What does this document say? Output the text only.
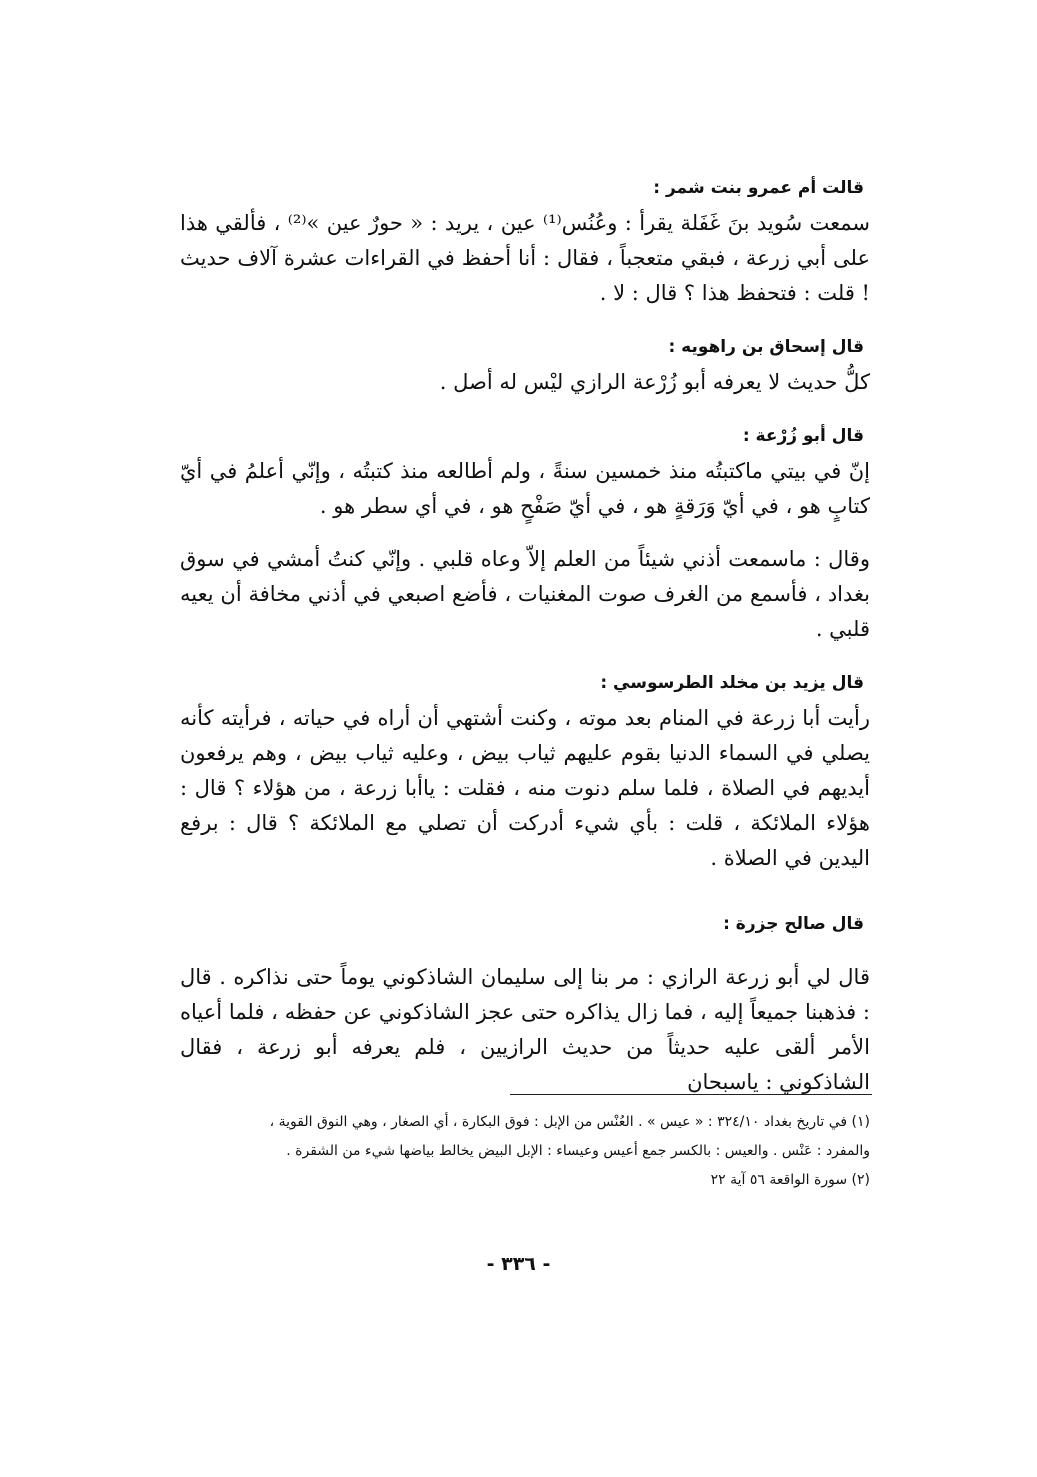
قالت أم عمرو بنت شمر :

سمعت سُويد بنَ غَفَلة يقرأ : وعُنُس⁽¹⁾ عين ، يريد : « حورٌ عين »⁽²⁾ ، فألقي هذا على أبي زرعة ، فبقي متعجباً ، فقال : أنا أحفظ في القراءات عشرة آلاف حديث ! قلت : فتحفظ هذا ؟ قال : لا .

قال إسحاق بن راهويه :

كلُّ حديث لا يعرفه أبو زُرْعة الرازي ليْس له أصل .

قال أبو زُرْعة :

إنّ في بيتي ماكتبتُه منذ خمسين سنةً ، ولم أطالعه منذ كتبتُه ، وإنّي أعلمُ في أيّ كتابٍ هو ، في أيّ وَرَقةٍ هو ، في أيّ صَفْحٍ هو ، في أي سطر هو .

وقال : ماسمعت أذني شيئاً من العلم إلاّ وعاه قلبي . وإنّي كنتُ أمشي في سوق بغداد ، فأسمع من الغرف صوت المغنيات ، فأضع اصبعي في أذني مخافة أن يعيه قلبي .

قال يزيد بن مخلد الطرسوسي :

رأيت أبا زرعة في المنام بعد موته ، وكنت أشتهي أن أراه في حياته ، فرأيته كأنه يصلي في السماء الدنيا بقوم عليهم ثياب بيض ، وعليه ثياب بيض ، وهم يرفعون أيديهم في الصلاة ، فلما سلم دنوت منه ، فقلت : ياأبا زرعة ، من هؤلاء ؟ قال : هؤلاء الملائكة ، قلت : بأي شيء أدركت أن تصلي مع الملائكة ؟ قال : برفع اليدين في الصلاة .

قال صالح جزرة :

قال لي أبو زرعة الرازي : مر بنا إلى سليمان الشاذكوني يوماً حتى نذاكره . قال : فذهبنا جميعاً إليه ، فما زال يذاكره حتى عجز الشاذكوني عن حفظه ، فلما أعياه الأمر ألقى عليه حديثاً من حديث الرازيين ، فلم يعرفه أبو زرعة ، فقال الشاذكوني : ياسبحان

(١) في تاريخ بغداد ٣٢٤/١٠ : « عيس » . العُنْس من الإبل : فوق البكارة ، أي الصغار ، وهي النوق القوية ،
والمفرد : عَنْس . والعيس : بالكسر جمع أعيس وعيساء : الإبل البيض يخالط بياضها شيء من الشقرة .
(٢) سورة الواقعة ٥٦ آية ٢٢
- ٣٣٦ -
